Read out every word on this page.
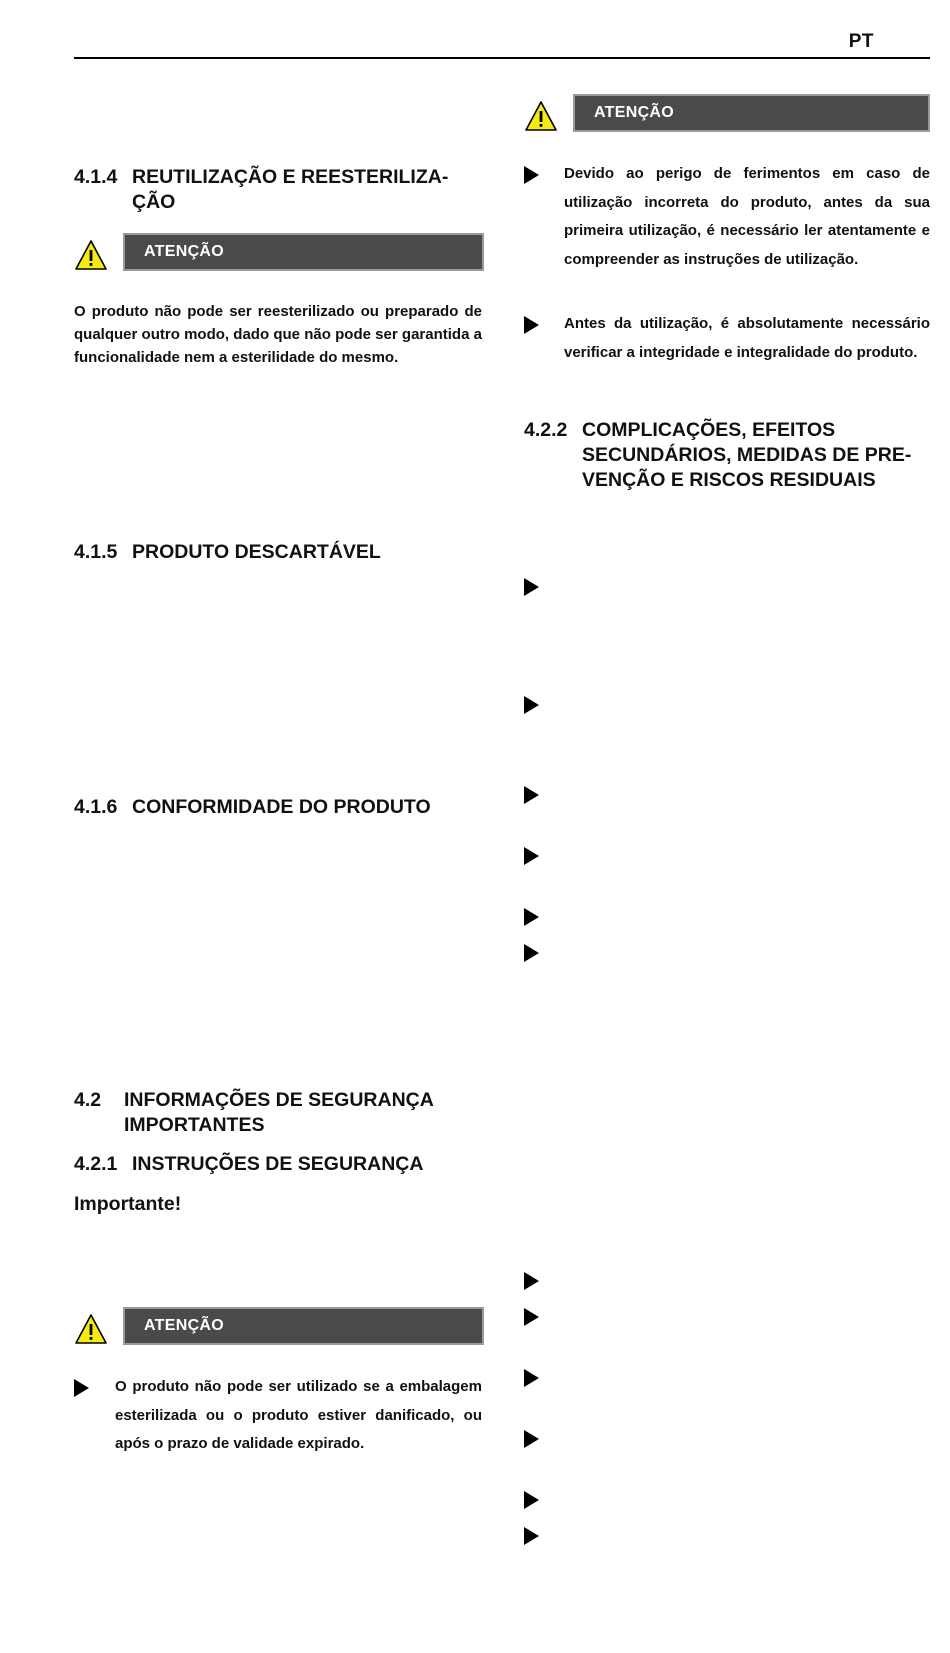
PT
4.1.4 REUTILIZAÇÃO E REESTERILIZA-
ÇÃO
ATENÇÃO
O produto não pode ser reesterilizado ou preparado de qualquer outro modo, dado que não pode ser garantida a funcionalidade nem a esterilidade do mesmo.
4.1.5 PRODUTO DESCARTÁVEL
4.1.6 CONFORMIDADE DO PRODUTO
4.2 INFORMAÇÕES DE SEGURANÇA
IMPORTANTES
4.2.1 INSTRUÇÕES DE SEGURANÇA
Importante!
ATENÇÃO
O produto não pode ser utilizado se a embalagem esterilizada ou o produto estiver danificado, ou após o prazo de validade expirado.
ATENÇÃO
Devido ao perigo de ferimentos em caso de utilização incorreta do produto, antes da sua primeira utilização, é necessário ler atentamente e compreender as instruções de utilização.
Antes da utilização, é absolutamente necessário verificar a integridade e integralidade do produto.
4.2.2 COMPLICAÇÕES, EFEITOS
SECUNDÁRIOS, MEDIDAS DE PRE-
VENÇÃO E RISCOS RESIDUAIS
